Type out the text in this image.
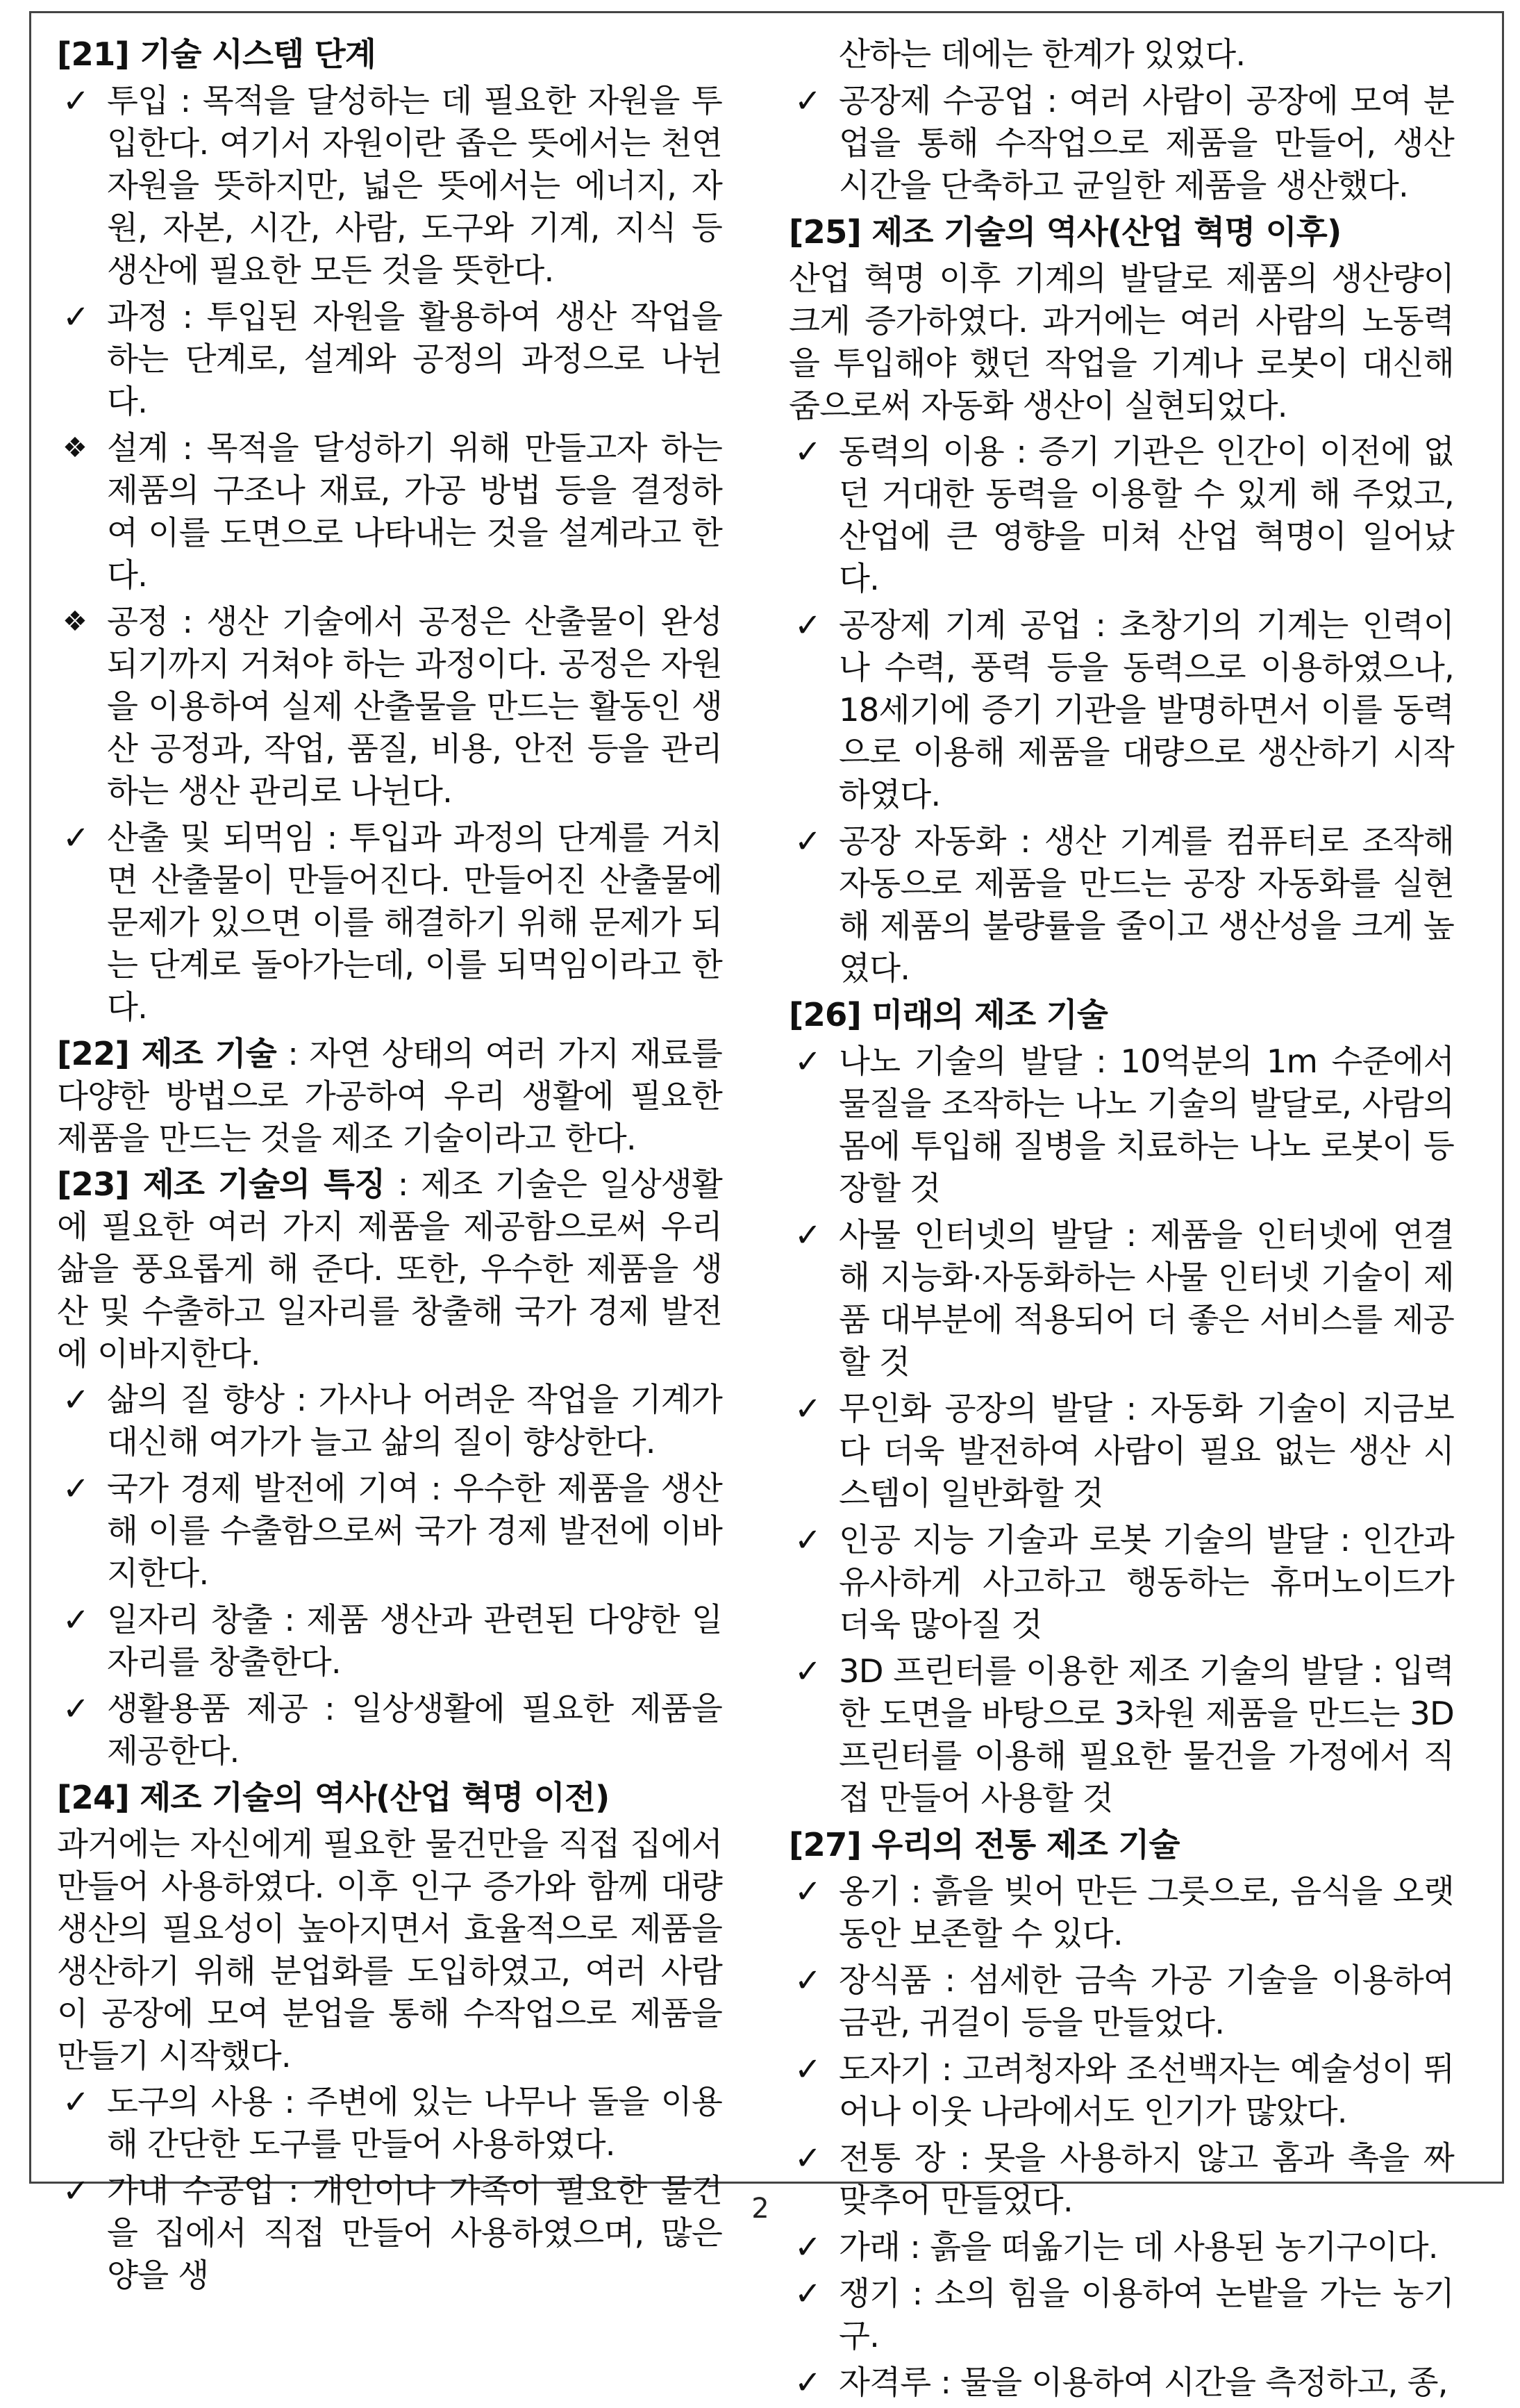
[21] 기술 시스템 단계
✓ 투입 : 목적을 달성하는 데 필요한 자원을 투입한다. 여기서 자원이란 좁은 뜻에서는 천연자원을 뜻하지만, 넓은 뜻에서는 에너지, 자원, 자본, 시간, 사람, 도구와 기계, 지식 등 생산에 필요한 모든 것을 뜻한다.
✓ 과정 : 투입된 자원을 활용하여 생산 작업을 하는 단계로, 설계와 공정의 과정으로 나뉜다.
❖ 설계 : 목적을 달성하기 위해 만들고자 하는 제품의 구조나 재료, 가공 방법 등을 결정하여 이를 도면으로 나타내는 것을 설계라고 한다.
❖ 공정 : 생산 기술에서 공정은 산출물이 완성되기까지 거쳐야 하는 과정이다. 공정은 자원을 이용하여 실제 산출물을 만드는 활동인 생산 공정과, 작업, 품질, 비용, 안전 등을 관리하는 생산 관리로 나뉜다.
✓ 산출 및 되먹임 : 투입과 과정의 단계를 거치면 산출물이 만들어진다. 만들어진 산출물에 문제가 있으면 이를 해결하기 위해 문제가 되는 단계로 돌아가는데, 이를 되먹임이라고 한다.

[22] 제조 기술 : 자연 상태의 여러 가지 재료를 다양한 방법으로 가공하여 우리 생활에 필요한 제품을 만드는 것을 제조 기술이라고 한다.

[23] 제조 기술의 특징 : 제조 기술은 일상생활에 필요한 여러 가지 제품을 제공함으로써 우리 삶을 풍요롭게 해 준다. 또한, 우수한 제품을 생산 및 수출하고 일자리를 창출해 국가 경제 발전에 이바지한다.

✓ 삶의 질 향상 : 가사나 어려운 작업을 기계가 대신해 여가가 늘고 삶의 질이 향상한다.
✓ 국가 경제 발전에 기여 : 우수한 제품을 생산해 이를 수출함으로써 국가 경제 발전에 이바지한다.
✓ 일자리 창출 : 제품 생산과 관련된 다양한 일자리를 창출한다.
✓ 생활용품 제공 : 일상생활에 필요한 제품을 제공한다.
[24] 제조 기술의 역사(산업 혁명 이전)

과거에는 자신에게 필요한 물건만을 직접 집에서 만들어 사용하였다. 이후 인구 증가와 함께 대량 생산의 필요성이 높아지면서 효율적으로 제품을 생산하기 위해 분업화를 도입하였고, 여러 사람이 공장에 모여 분업을 통해 수작업으로 제품을 만들기 시작했다.

✓ 도구의 사용 : 주변에 있는 나무나 돌을 이용해 간단한 도구를 만들어 사용하였다.
✓ 가내 수공업 : 개인이나 가족이 필요한 물건을 집에서 직접 만들어 사용하였으며, 많은 양을 생
산하는 데에는 한계가 있었다.
✓ 공장제 수공업 : 여러 사람이 공장에 모여 분업을 통해 수작업으로 제품을 만들어, 생산 시간을 단축하고 균일한 제품을 생산했다.
[25] 제조 기술의 역사(산업 혁명 이후)

산업 혁명 이후 기계의 발달로 제품의 생산량이 크게 증가하였다. 과거에는 여러 사람의 노동력을 투입해야 했던 작업을 기계나 로봇이 대신해 줌으로써 자동화 생산이 실현되었다.

✓ 동력의 이용 : 증기 기관은 인간이 이전에 없던 거대한 동력을 이용할 수 있게 해 주었고, 산업에 큰 영향을 미쳐 산업 혁명이 일어났다.
✓ 공장제 기계 공업 : 초창기의 기계는 인력이나 수력, 풍력 등을 동력으로 이용하였으나, 18세기에 증기 기관을 발명하면서 이를 동력으로 이용해 제품을 대량으로 생산하기 시작하였다.
✓ 공장 자동화 : 생산 기계를 컴퓨터로 조작해 자동으로 제품을 만드는 공장 자동화를 실현해 제품의 불량률을 줄이고 생산성을 크게 높였다.
[26] 미래의 제조 기술
✓ 나노 기술의 발달 : 10억분의 1m 수준에서 물질을 조작하는 나노 기술의 발달로, 사람의 몸에 투입해 질병을 치료하는 나노 로봇이 등장할 것
✓ 사물 인터넷의 발달 : 제품을 인터넷에 연결해 지능화·자동화하는 사물 인터넷 기술이 제품 대부분에 적용되어 더 좋은 서비스를 제공할 것
✓ 무인화 공장의 발달 : 자동화 기술이 지금보다 더욱 발전하여 사람이 필요 없는 생산 시스템이 일반화할 것
✓ 인공 지능 기술과 로봇 기술의 발달 : 인간과 유사하게 사고하고 행동하는 휴머노이드가 더욱 많아질 것
✓ 3D 프린터를 이용한 제조 기술의 발달 : 입력한 도면을 바탕으로 3차원 제품을 만드는 3D 프린터를 이용해 필요한 물건을 가정에서 직접 만들어 사용할 것
[27] 우리의 전통 제조 기술
✓ 옹기 : 흙을 빚어 만든 그릇으로, 음식을 오랫동안 보존할 수 있다.
✓ 장식품 : 섬세한 금속 가공 기술을 이용하여 금관, 귀걸이 등을 만들었다.
✓ 도자기 : 고려청자와 조선백자는 예술성이 뛰어나 이웃 나라에서도 인기가 많았다.
✓ 전통 장 : 못을 사용하지 않고 홈과 촉을 짜 맞추어 만들었다.
✓ 가래 : 흙을 떠옮기는 데 사용된 농기구이다.
✓ 쟁기 : 소의 힘을 이용하여 논밭을 가는 농기구.
✓ 자격루 : 물을 이용하여 시간을 측정하고, 종,
2
